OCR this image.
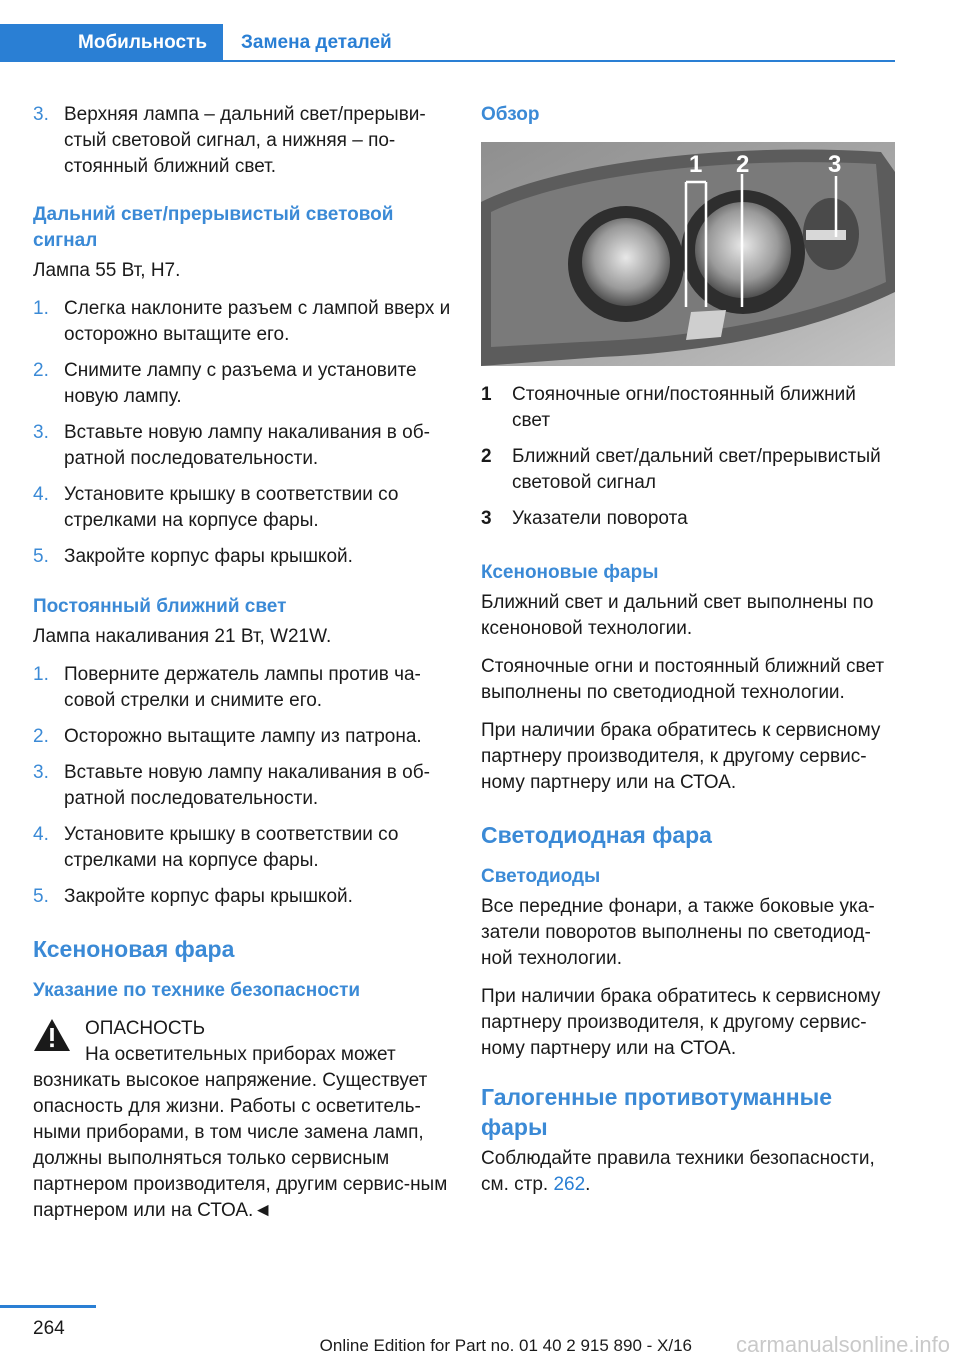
Мобильность	Замена деталей
3. Верхняя лампа – дальний свет/прерыви-стый световой сигнал, а нижняя – по-стоянный ближний свет.
Дальний свет/прерывистый световой сигнал

Лампа 55 Вт, H7.

1. Слегка наклоните разъем с лампой вверх и осторожно вытащите его.
2. Снимите лампу с разъема и установите новую лампу.
3. Вставьте новую лампу накаливания в об-ратной последовательности.
4. Установите крышку в соответствии со стрелками на корпусе фары.
5. Закройте корпус фары крышкой.
Постоянный ближний свет

Лампа накаливания 21 Вт, W21W.

1. Поверните держатель лампы против ча-совой стрелки и снимите его.
2. Осторожно вытащите лампу из патрона.
3. Вставьте новую лампу накаливания в об-ратной последовательности.
4. Установите крышку в соответствии со стрелками на корпусе фары.
5. Закройте корпус фары крышкой.
Ксеноновая фара
Указание по технике безопасности

ОПАСНОСТЬ

На осветительных приборах может возникать высокое напряжение. Существует опасность для жизни. Работы с осветитель-ными приборами, в том числе замена ламп, должны выполняться только сервисным партнером производителя, другим сервис-ным партнером или на СТОА.◄

Обзор
1 2	3
1 Стояночные огни/постоянный ближний свет
2 Ближний свет/дальний свет/прерывистый световой сигнал
3 Указатели поворота
Ксеноновые фары

Ближний свет и дальний свет выполнены по ксеноновой технологии.

Стояночные огни и постоянный ближний свет выполнены по светодиодной технологии.

При наличии брака обратитесь к сервисному партнеру производителя, к другому сервис-ному партнеру или на СТОА.

Светодиодная фара
Светодиоды

Все передние фонари, а также боковые ука-затели поворотов выполнены по светодиод-ной технологии.

При наличии брака обратитесь к сервисному партнеру производителя, к другому сервис-ному партнеру или на СТОА.

Галогенные противотуманные фары

Соблюдайте правила техники безопасности, см. стр. 262.

264
Online Edition for Part no. 01 40 2 915 890 - X/16 carmanualsonline.info
